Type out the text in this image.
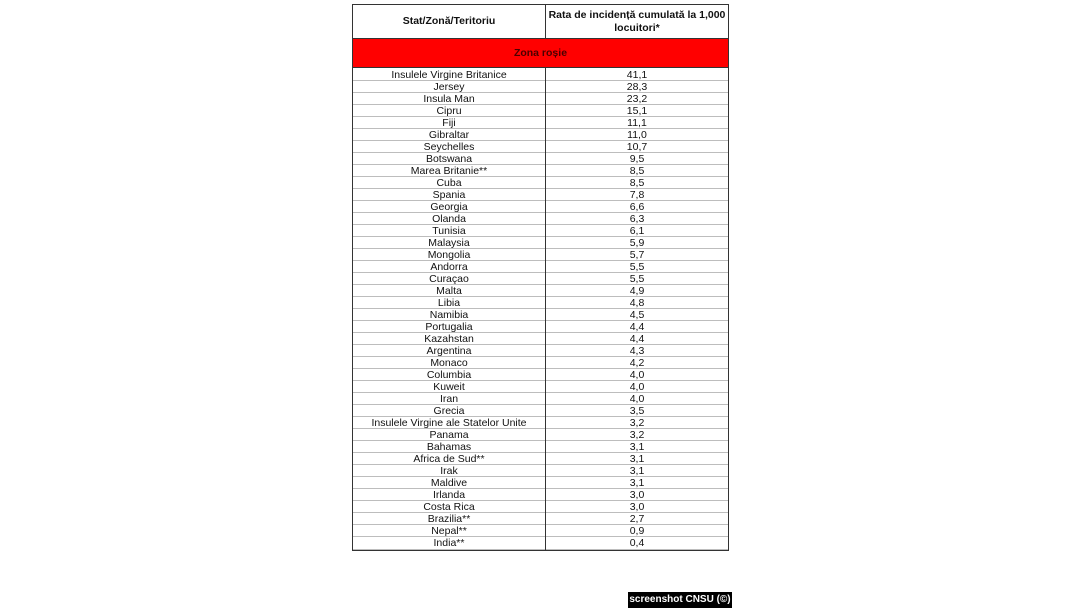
Stat/Zonă/Teritoriu	Rata de incidență cumulată la 1,000 locuitori*
Zona roșie	
Insulele Virgine Britanice	41,1
Jersey	28,3
Insula Man	23,2
Cipru	15,1
Fiji	11,1
Gibraltar	11,0
Seychelles	10,7
Botswana	9,5
Marea Britanie**	8,5
Cuba	8,5
Spania	7,8
Georgia	6,6
Olanda	6,3
Tunisia	6,1
Malaysia	5,9
Mongolia	5,7
Andorra	5,5
Curaçao	5,5
Malta	4,9
Libia	4,8
Namibia	4,5
Portugalia	4,4
Kazahstan	4,4
Argentina	4,3
Monaco	4,2
Columbia	4,0
Kuweit	4,0
Iran	4,0
Grecia	3,5
Insulele Virgine ale Statelor Unite	3,2
Panama	3,2
Bahamas	3,1
Africa de Sud**	3,1
Irak	3,1
Maldive	3,1
Irlanda	3,0
Costa Rica	3,0
Brazilia**	2,7
Nepal**	0,9
India**	0,4
screenshot CNSU (©)
